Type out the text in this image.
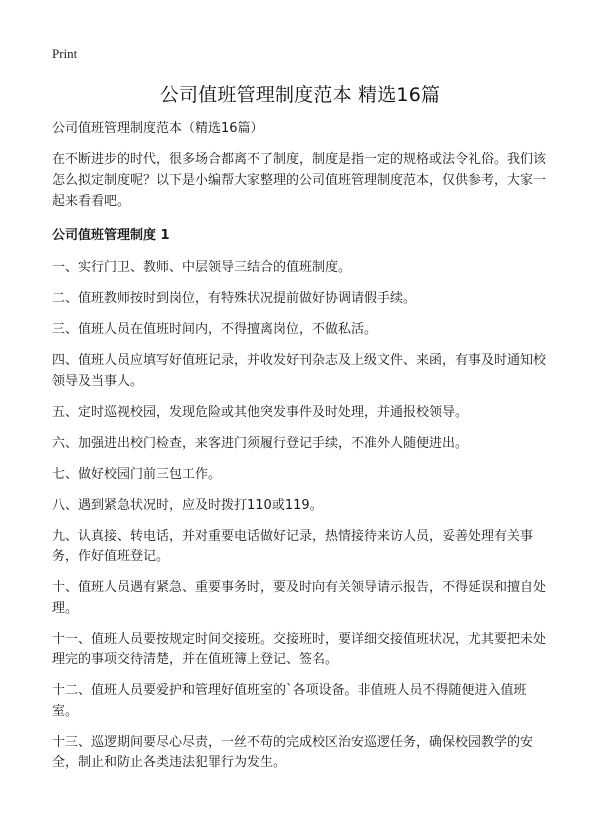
Print
公司值班管理制度范本 精选16篇

公司值班管理制度范本（精选16篇）

在不断进步的时代，很多场合都离不了制度，制度是指一定的规格或法令礼俗。我们该怎么拟定制度呢？以下是小编帮大家整理的公司值班管理制度范本，仅供参考，大家一起来看看吧。

公司值班管理制度 1

一、实行门卫、教师、中层领导三结合的值班制度。

二、值班教师按时到岗位，有特殊状况提前做好协调请假手续。

三、值班人员在值班时间内，不得擅离岗位，不做私活。

四、值班人员应填写好值班记录，并收发好刊杂志及上级文件、来函，有事及时通知校领导及当事人。

五、定时巡视校园，发现危险或其他突发事件及时处理，并通报校领导。

六、加强进出校门检查，来客进门须履行登记手续，不准外人随便进出。

七、做好校园门前三包工作。

八、遇到紧急状况时，应及时拨打110或119。

九、认真接、转电话，并对重要电话做好记录，热情接待来访人员，妥善处理有关事务，作好值班登记。

十、值班人员遇有紧急、重要事务时，要及时向有关领导请示报告，不得延误和擅自处理。

十一、值班人员要按规定时间交接班。交接班时，要详细交接值班状况，尤其要把未处理完的事项交待清楚，并在值班簿上登记、签名。

十二、值班人员要爱护和管理好值班室的`各项设备。非值班人员不得随便进入值班室。

十三、巡逻期间要尽心尽责，一丝不苟的完成校区治安巡逻任务，确保校园教学的安全，制止和防止各类违法犯罪行为发生。
